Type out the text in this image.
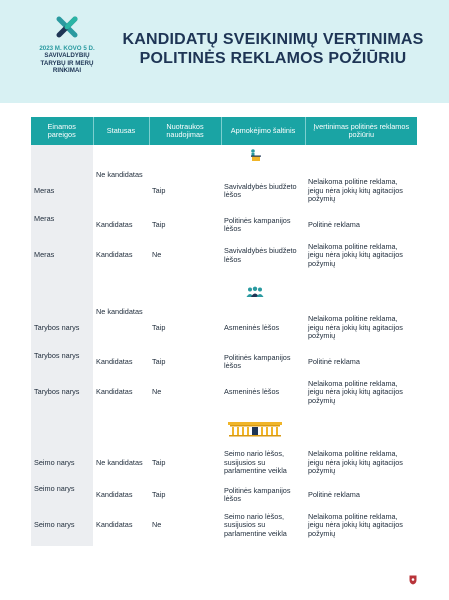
2023 M. KOVO 5 D.
SAVIVALDYBIŲ
TARYBŲ IR MERŲ
RINKIMAI
KANDIDATŲ SVEIKINIMŲ VERTINIMAS
POLITINĖS REKLAMOS POŽIŪRIU
Einamos pareigos	Statusas	Nuotraukos naudojimas	Apmokėjimo šaltinis	Įvertinimas politinės reklamos požiūriu

Meras	Ne kandidatas	Taip	Savivaldybės biudžeto lėšos	Nelaikoma politine reklama, jeigu nėra jokių kitų agitacijos požymių
Meras	Kandidatas	Taip	Politinės kampanijos lėšos	Politinė reklama
Meras	Kandidatas	Ne	Savivaldybės biudžeto lėšos	Nelaikoma politine reklama, jeigu nėra jokių kitų agitacijos požymių

Tarybos narys	Ne kandidatas	Taip	Asmeninės lėšos	Nelaikoma politine reklama, jeigu nėra jokių kitų agitacijos požymių
Tarybos narys	Kandidatas	Taip	Politinės kampanijos lėšos	Politinė reklama
Tarybos narys	Kandidatas	Ne	Asmeninės lėšos	Nelaikoma politine reklama, jeigu nėra jokių kitų agitacijos požymių

Seimo narys	Ne kandidatas	Taip	Seimo nario lėšos, susijusios su parlamentine veikla	Nelaikoma politine reklama, jeigu nėra jokių kitų agitacijos požymių
Seimo narys	Kandidatas	Taip	Politinės kampanijos lėšos	Politinė reklama
Seimo narys	Kandidatas	Ne	Seimo nario lėšos, susijusios su parlamentine veikla	Nelaikoma politine reklama, jeigu nėra jokių kitų agitacijos požymių
